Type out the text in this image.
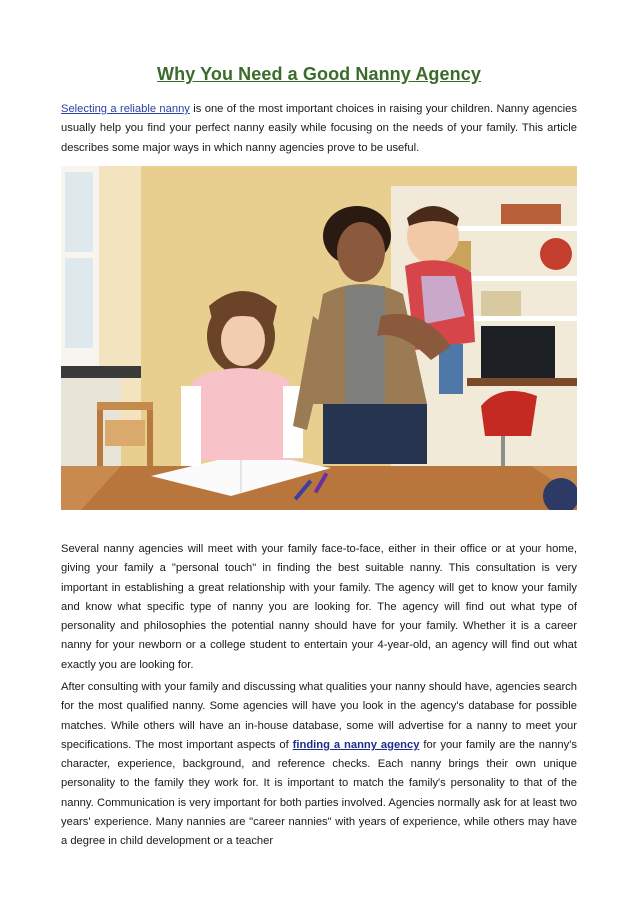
Why You Need a Good Nanny Agency

Selecting a reliable nanny is one of the most important choices in raising your children. Nanny agencies usually help you find your perfect nanny easily while focusing on the needs of your family. This article describes some major ways in which nanny agencies prove to be useful.

Several nanny agencies will meet with your family face-to-face, either in their office or at your home, giving your family a "personal touch" in finding the best suitable nanny. This consultation is very important in establishing a great relationship with your family. The agency will get to know your family and know what specific type of nanny you are looking for. The agency will find out what type of personality and philosophies the potential nanny should have for your family. Whether it is a career nanny for your newborn or a college student to entertain your 4-year-old, an agency will find out what exactly you are looking for.

After consulting with your family and discussing what qualities your nanny should have, agencies search for the most qualified nanny. Some agencies will have you look in the agency's database for possible matches. While others will have an in-house database, some will advertise for a nanny to meet your specifications. The most important aspects of finding a nanny agency for your family are the nanny's character, experience, background, and reference checks. Each nanny brings their own unique personality to the family they work for. It is important to match the family's personality to that of the nanny. Communication is very important for both parties involved. Agencies normally ask for at least two years' experience. Many nannies are "career nannies" with years of experience, while others may have a degree in child development or a teacher
